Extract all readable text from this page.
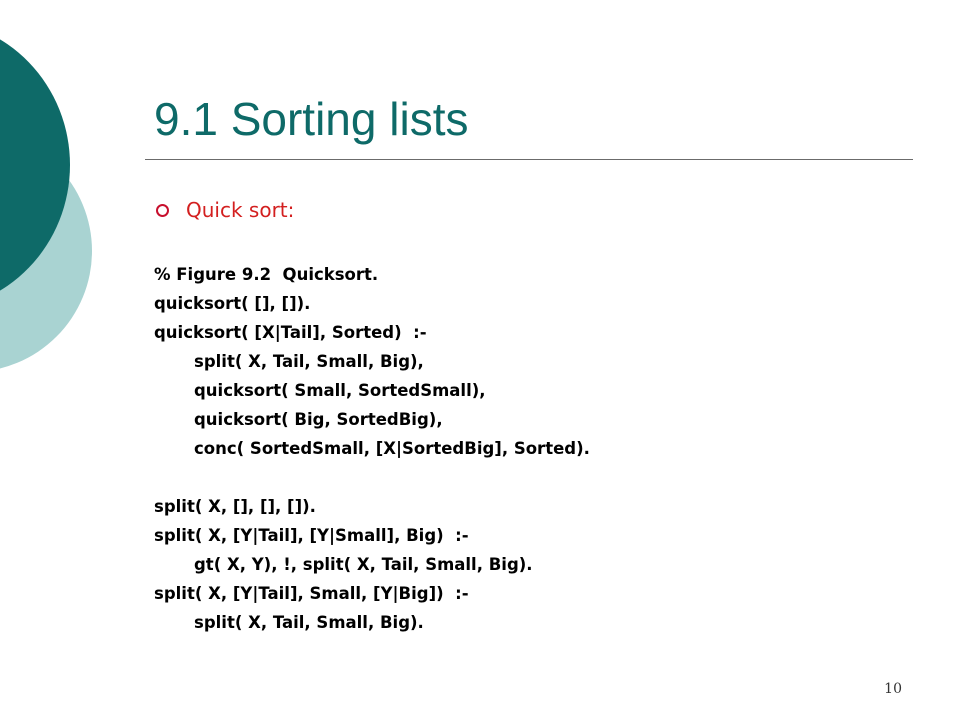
9.1 Sorting lists
Quick sort:
% Figure 9.2  Quicksort.
quicksort( [], []).
quicksort( [X|Tail], Sorted)  :-
split( X, Tail, Small, Big),
quicksort( Small, SortedSmall),
quicksort( Big, SortedBig),
conc( SortedSmall, [X|SortedBig], Sorted).
split( X, [], [], []).
split( X, [Y|Tail], [Y|Small], Big)  :-
gt( X, Y), !, split( X, Tail, Small, Big).
split( X, [Y|Tail], Small, [Y|Big])  :-
split( X, Tail, Small, Big).
10
